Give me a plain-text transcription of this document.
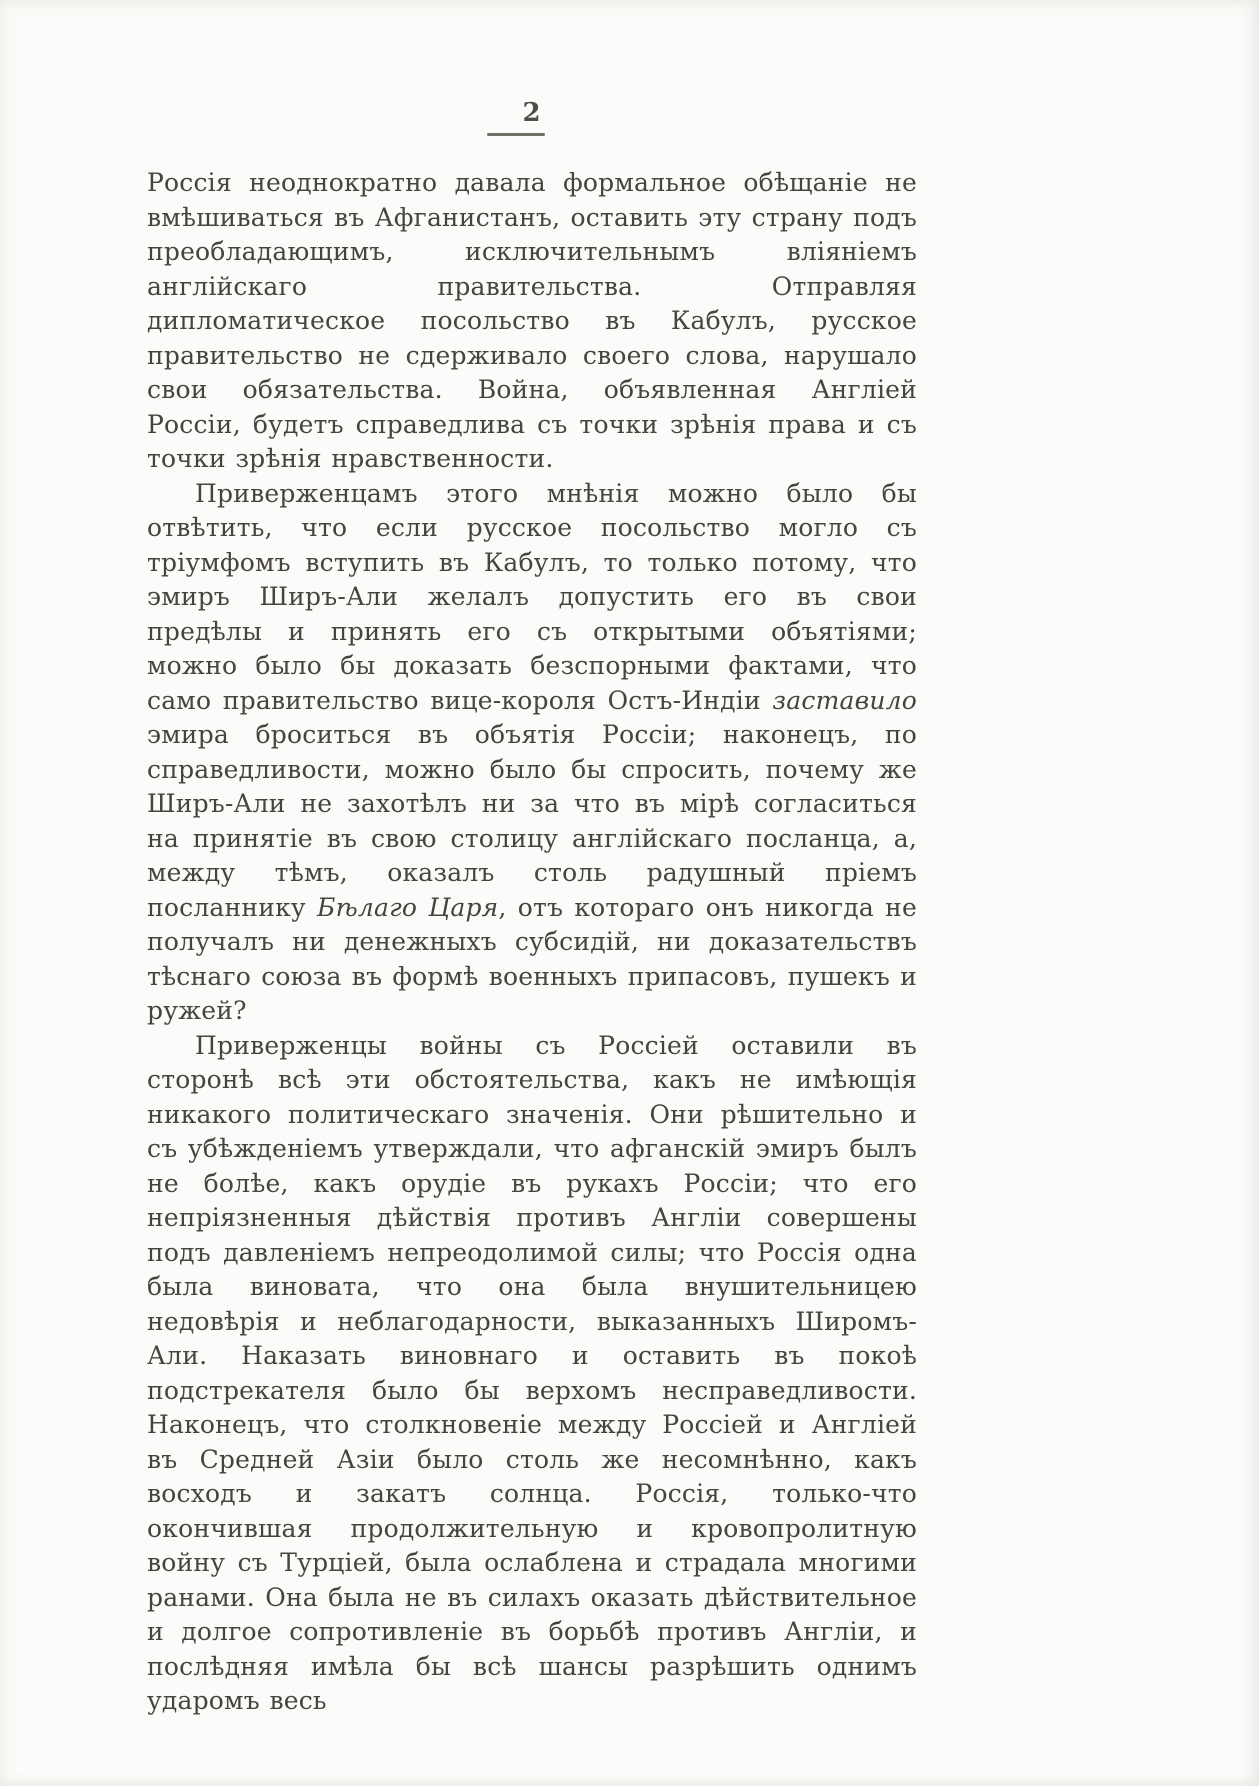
2

Россія неоднократно давала формальное обѣщаніе не вмѣшиваться въ Афганистанъ, оставить эту страну подъ преобладающимъ, исключительнымъ вліяніемъ англійскаго правительства. Отправляя дипломатическое посольство въ Кабулъ, русское правительство не сдерживало своего слова, нарушало свои обязательства. Война, объявленная Англіей Россіи, будетъ справедлива съ точки зрѣнія права и съ точки зрѣнія нравственности.

Приверженцамъ этого мнѣнія можно было бы отвѣтить, что если русское посольство могло съ тріумфомъ вступить въ Кабулъ, то только потому, что эмиръ Ширъ-Али желалъ допустить его въ свои предѣлы и принять его съ открытыми объятіями; можно было бы доказать безспорными фактами, что само правительство вице-короля Остъ-Индіи заставило эмира броситься въ объятія Россіи; наконецъ, по справедливости, можно было бы спросить, почему же Ширъ-Али не захотѣлъ ни за что въ мірѣ согласиться на принятіе въ свою столицу англійскаго посланца, а, между тѣмъ, оказалъ столь радушный пріемъ посланнику Бѣлаго Царя, отъ котораго онъ никогда не получалъ ни денежныхъ субсидій, ни доказательствъ тѣснаго союза въ формѣ военныхъ припасовъ, пушекъ и ружей?

Приверженцы войны съ Россіей оставили въ сторонѣ всѣ эти обстоятельства, какъ не имѣющія никакого политическаго значенія. Они рѣшительно и съ убѣжденіемъ утверждали, что афганскій эмиръ былъ не болѣе, какъ орудіе въ рукахъ Россіи; что его непріязненныя дѣйствія противъ Англіи совершены подъ давленіемъ непреодолимой силы; что Россія одна была виновата, что она была внушительницею недовѣрія и неблагодарности, выказанныхъ Широмъ-Али. Наказать виновнаго и оставить въ покоѣ подстрекателя было бы верхомъ несправедливости. Наконецъ, что столкновеніе между Россіей и Англіей въ Средней Азіи было столь же несомнѣнно, какъ восходъ и закатъ солнца. Россія, только-что окончившая продолжительную и кровопролитную войну съ Турціей, была ослаблена и страдала многими ранами. Она была не въ силахъ оказать дѣйствительное и долгое сопротивленіе въ борьбѣ противъ Англіи, и послѣдняя имѣла бы всѣ шансы разрѣшить однимъ ударомъ весь
